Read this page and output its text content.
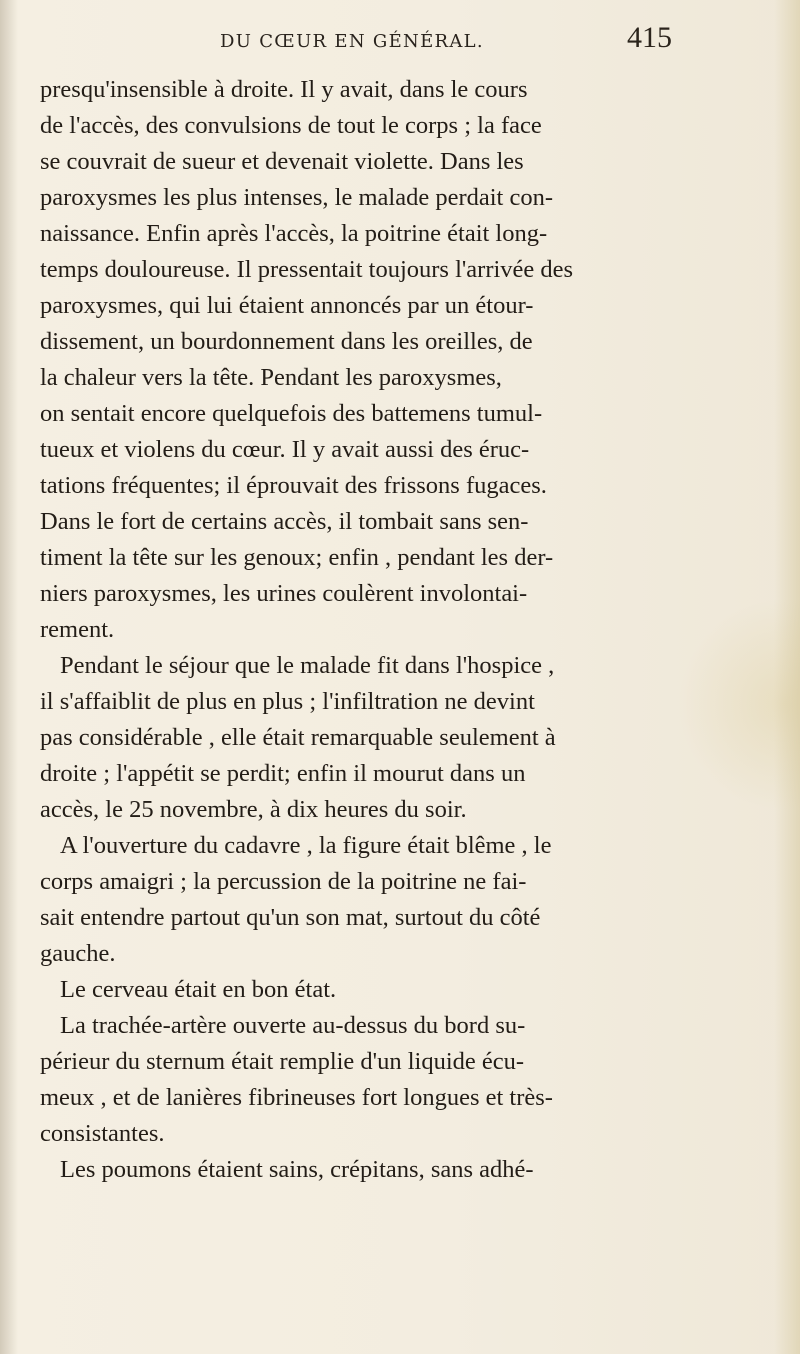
DU CŒUR EN GÉNÉRAL.	415
presqu'insensible à droite. Il y avait, dans le cours
de l'accès, des convulsions de tout le corps ; la face
se couvrait de sueur et devenait violette. Dans les
paroxysmes les plus intenses, le malade perdait con-
naissance. Enfin après l'accès, la poitrine était long-
temps douloureuse. Il pressentait toujours l'arrivée des
paroxysmes, qui lui étaient annoncés par un étour-
dissement, un bourdonnement dans les oreilles, de
la chaleur vers la tête. Pendant les paroxysmes,
on sentait encore quelquefois des battemens tumul-
tueux et violens du cœur. Il y avait aussi des éruc-
tations fréquentes; il éprouvait des frissons fugaces.
Dans le fort de certains accès, il tombait sans sen-
timent la tête sur les genoux; enfin , pendant les der-
niers paroxysmes, les urines coulèrent involontai-
rement.
Pendant le séjour que le malade fit dans l'hospice ,
il s'affaiblit de plus en plus ; l'infiltration ne devint
pas considérable , elle était remarquable seulement à
droite ; l'appétit se perdit; enfin il mourut dans un
accès, le 25 novembre, à dix heures du soir.
A l'ouverture du cadavre , la figure était blême , le
corps amaigri ; la percussion de la poitrine ne fai-
sait entendre partout qu'un son mat, surtout du côté
gauche.
Le cerveau était en bon état.
La trachée-artère ouverte au-dessus du bord su-
périeur du sternum était remplie d'un liquide écu-
meux , et de lanières fibrineuses fort longues et très-
consistantes.
Les poumons étaient sains, crépitans, sans adhé-
